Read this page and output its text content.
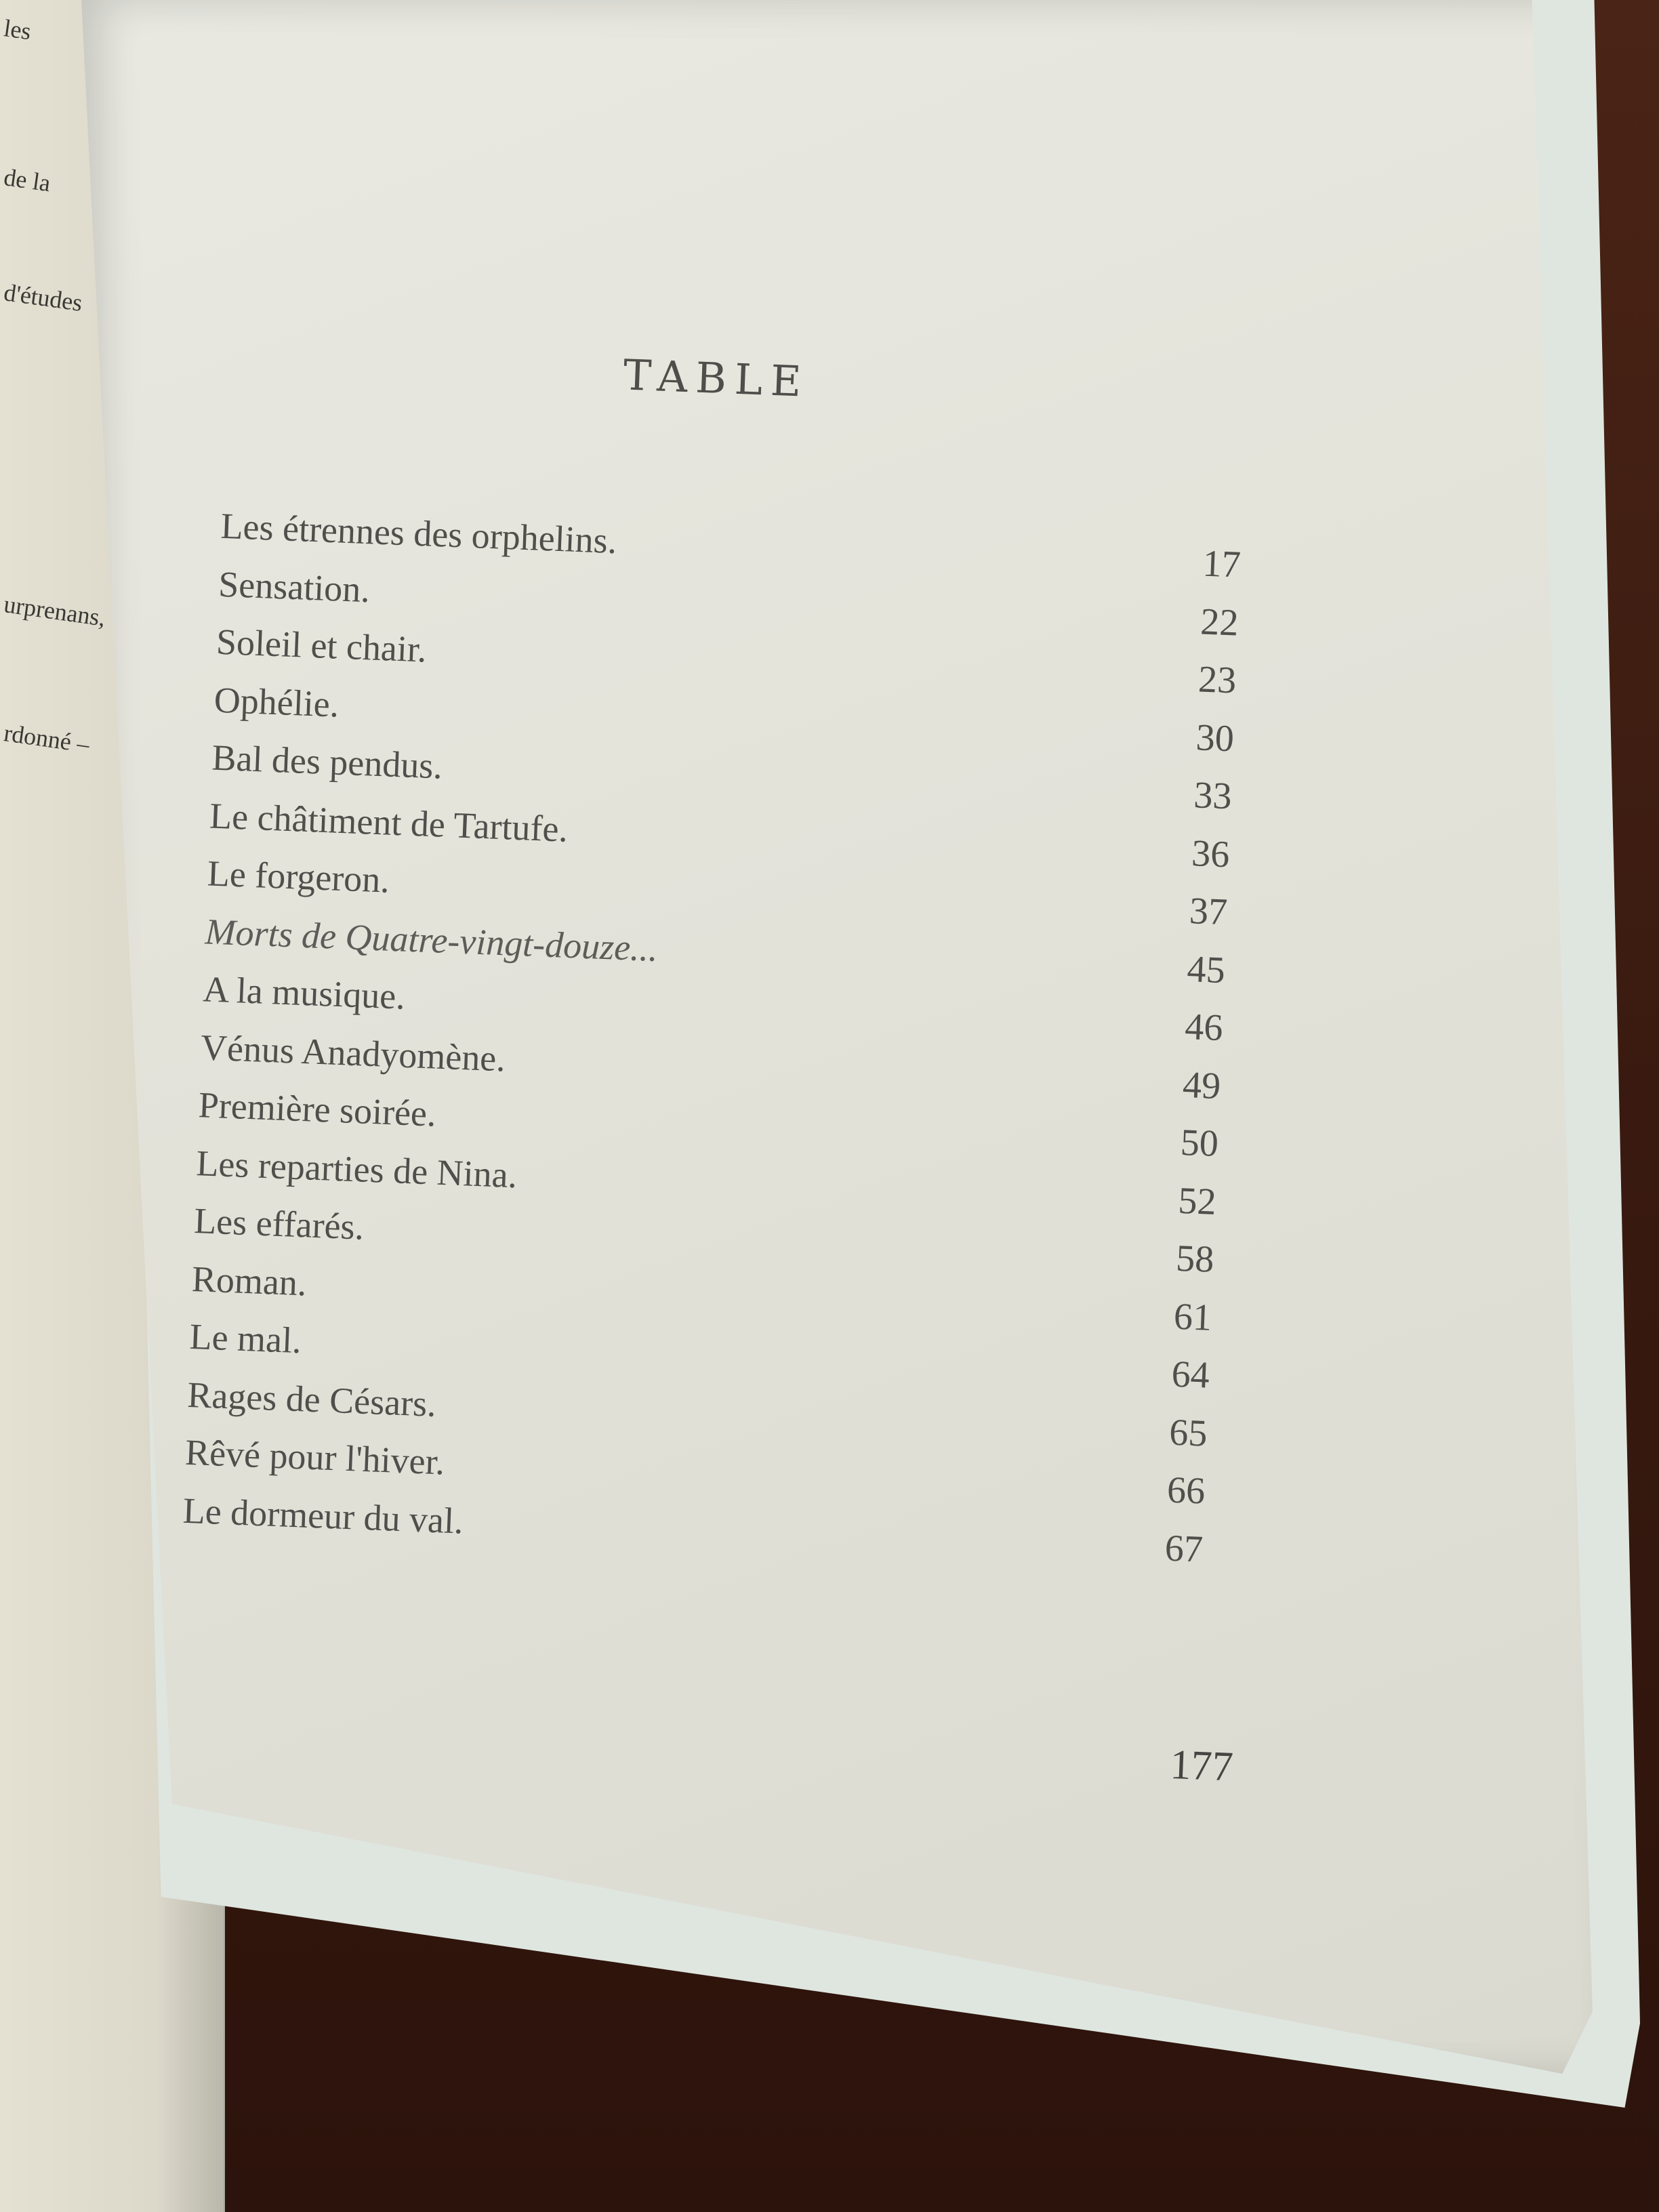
les
de la
d'études
urprenans,
rdonné –
TABLE
Les étrennes des orphelins.
17
Sensation.
22
Soleil et chair.
23
Ophélie.
30
Bal des pendus.
33
Le châtiment de Tartufe.
36
Le forgeron.
37
Morts de Quatre-vingt-douze...
45
A la musique.
46
Vénus Anadyomène.
49
Première soirée.
50
Les reparties de Nina.
52
Les effarés.
58
Roman.
61
Le mal.
64
Rages de Césars.
65
Rêvé pour l'hiver.
66
Le dormeur du val.
67
177
